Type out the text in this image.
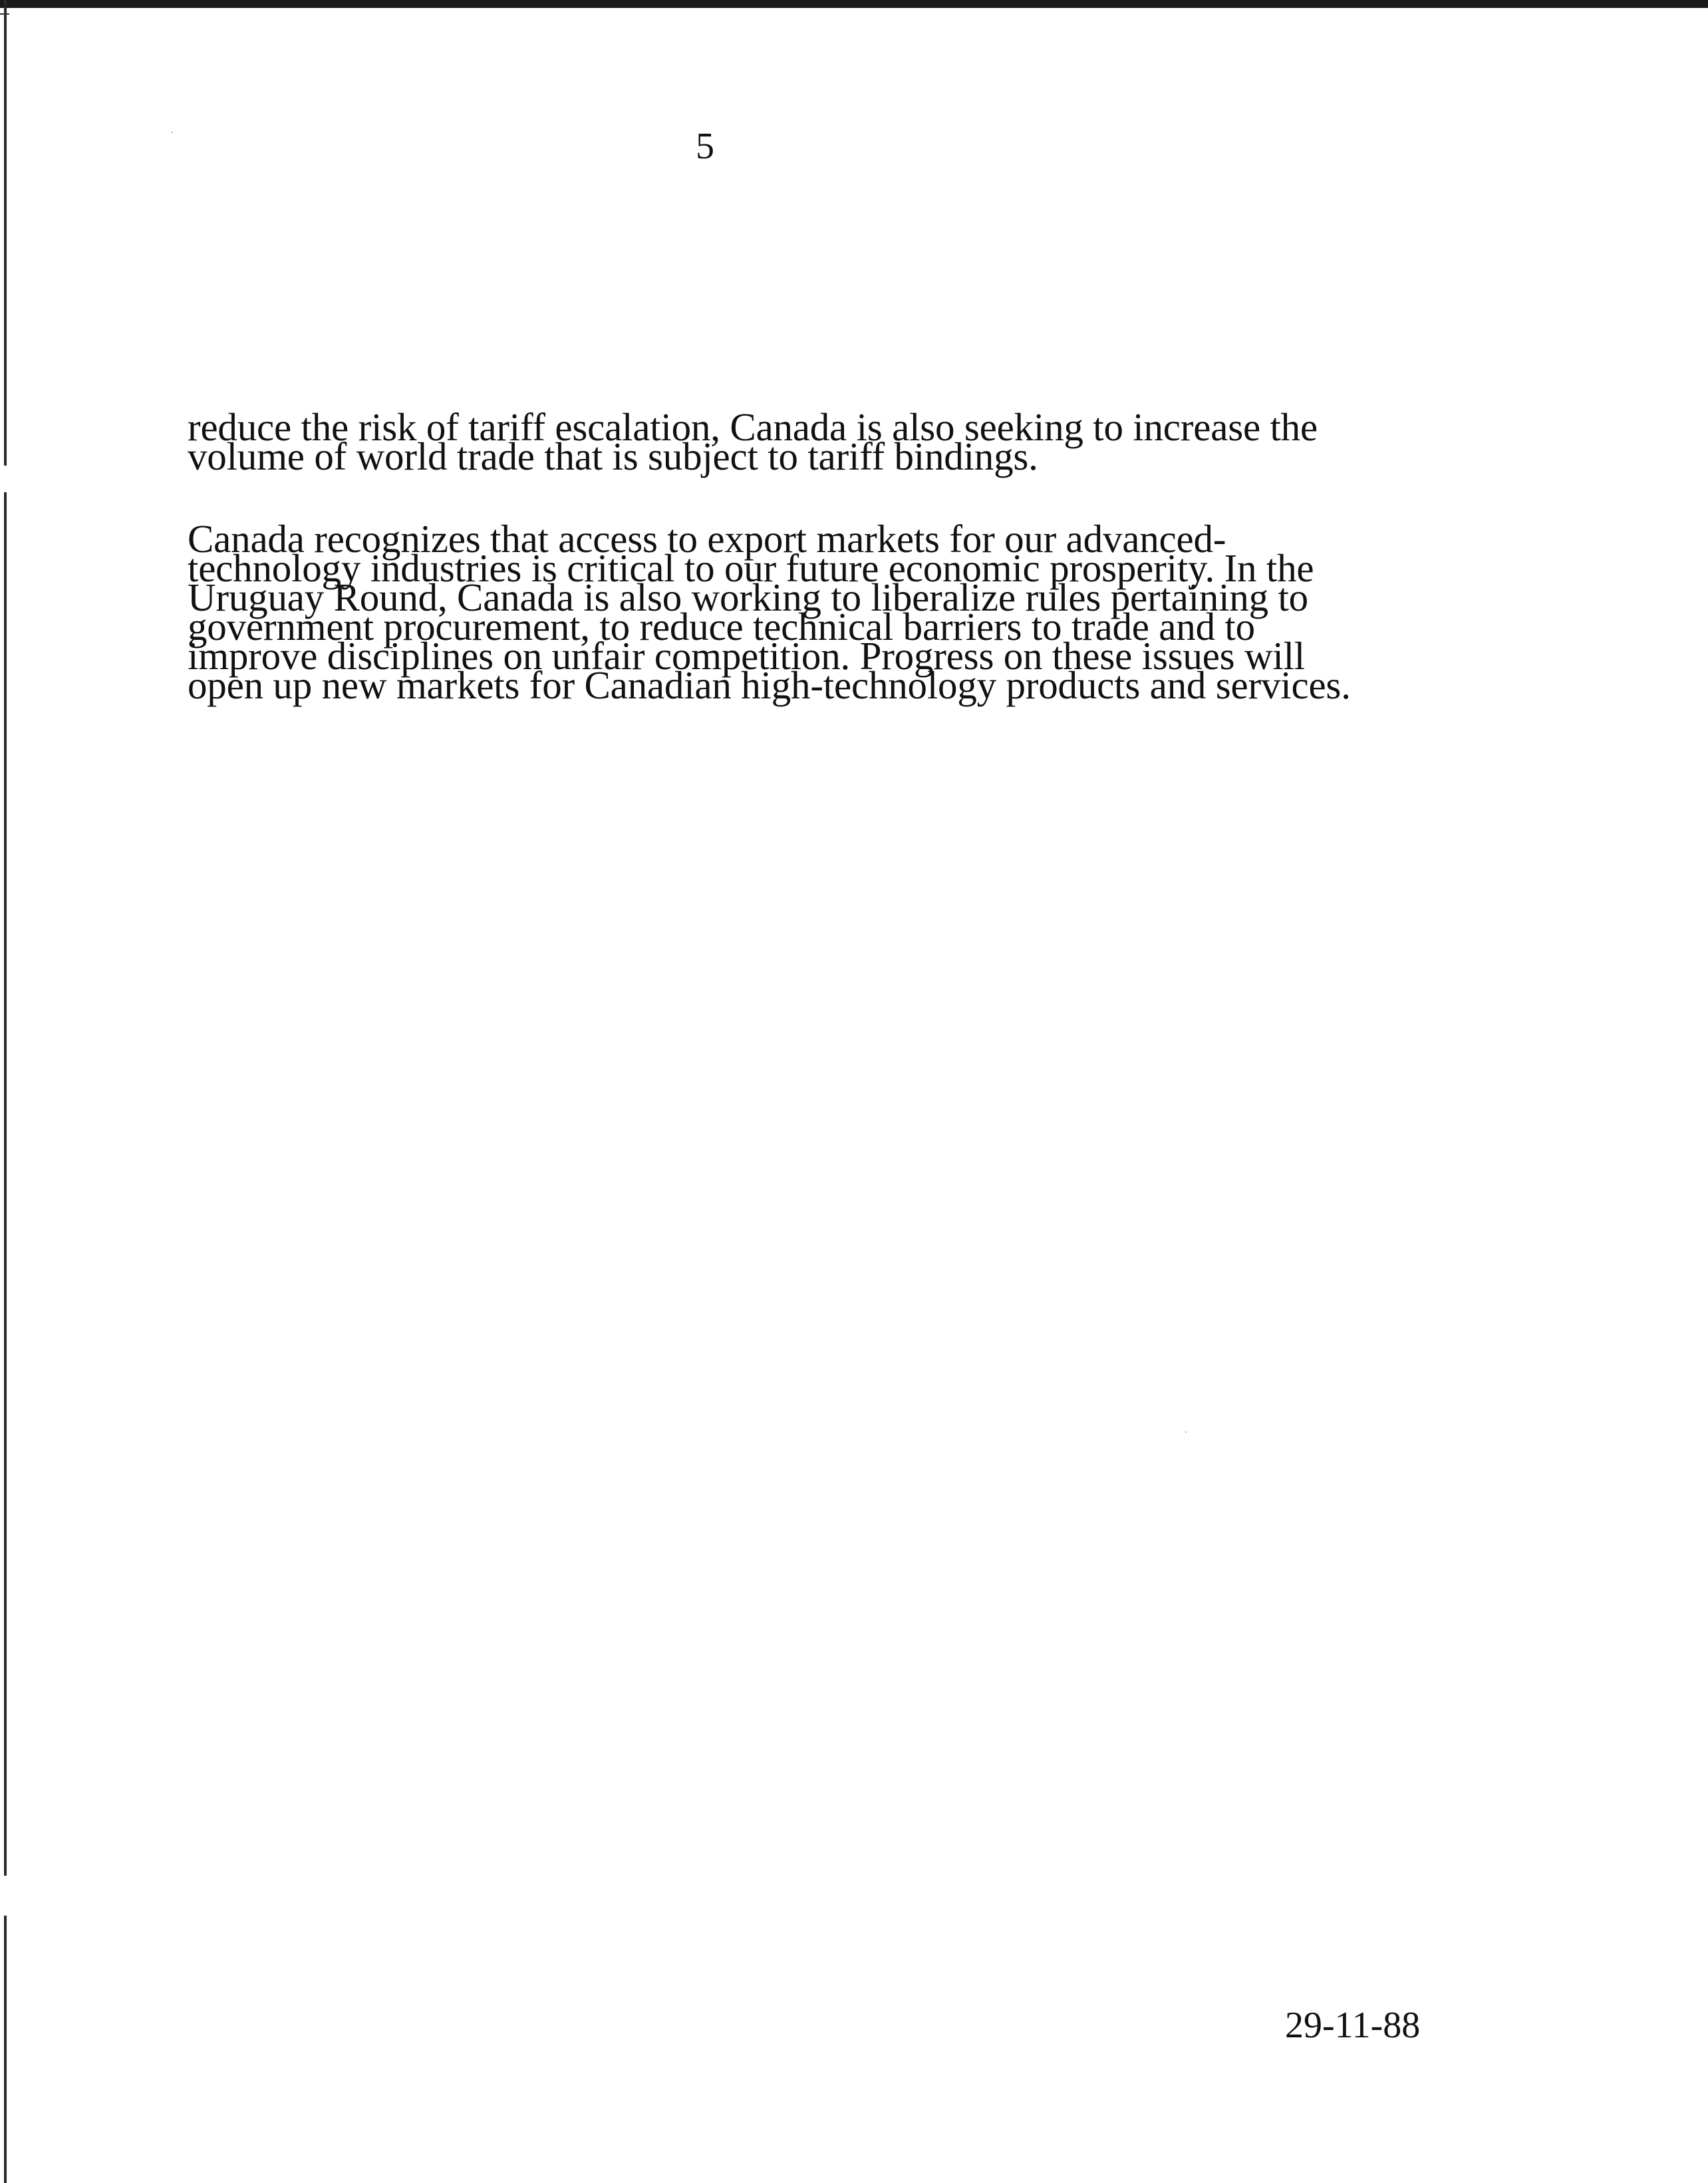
5

reduce the risk of tariff escalation, Canada is also seeking to increase the
volume of world trade that is subject to tariff bindings.

Canada recognizes that access to export markets for our advanced-
technology industries is critical to our future economic prosperity. In the
Uruguay Round, Canada is also working to liberalize rules pertaining to
government procurement, to reduce technical barriers to trade and to
improve disciplines on unfair competition. Progress on these issues will
open up new markets for Canadian high-technology products and services.

29-11-88
